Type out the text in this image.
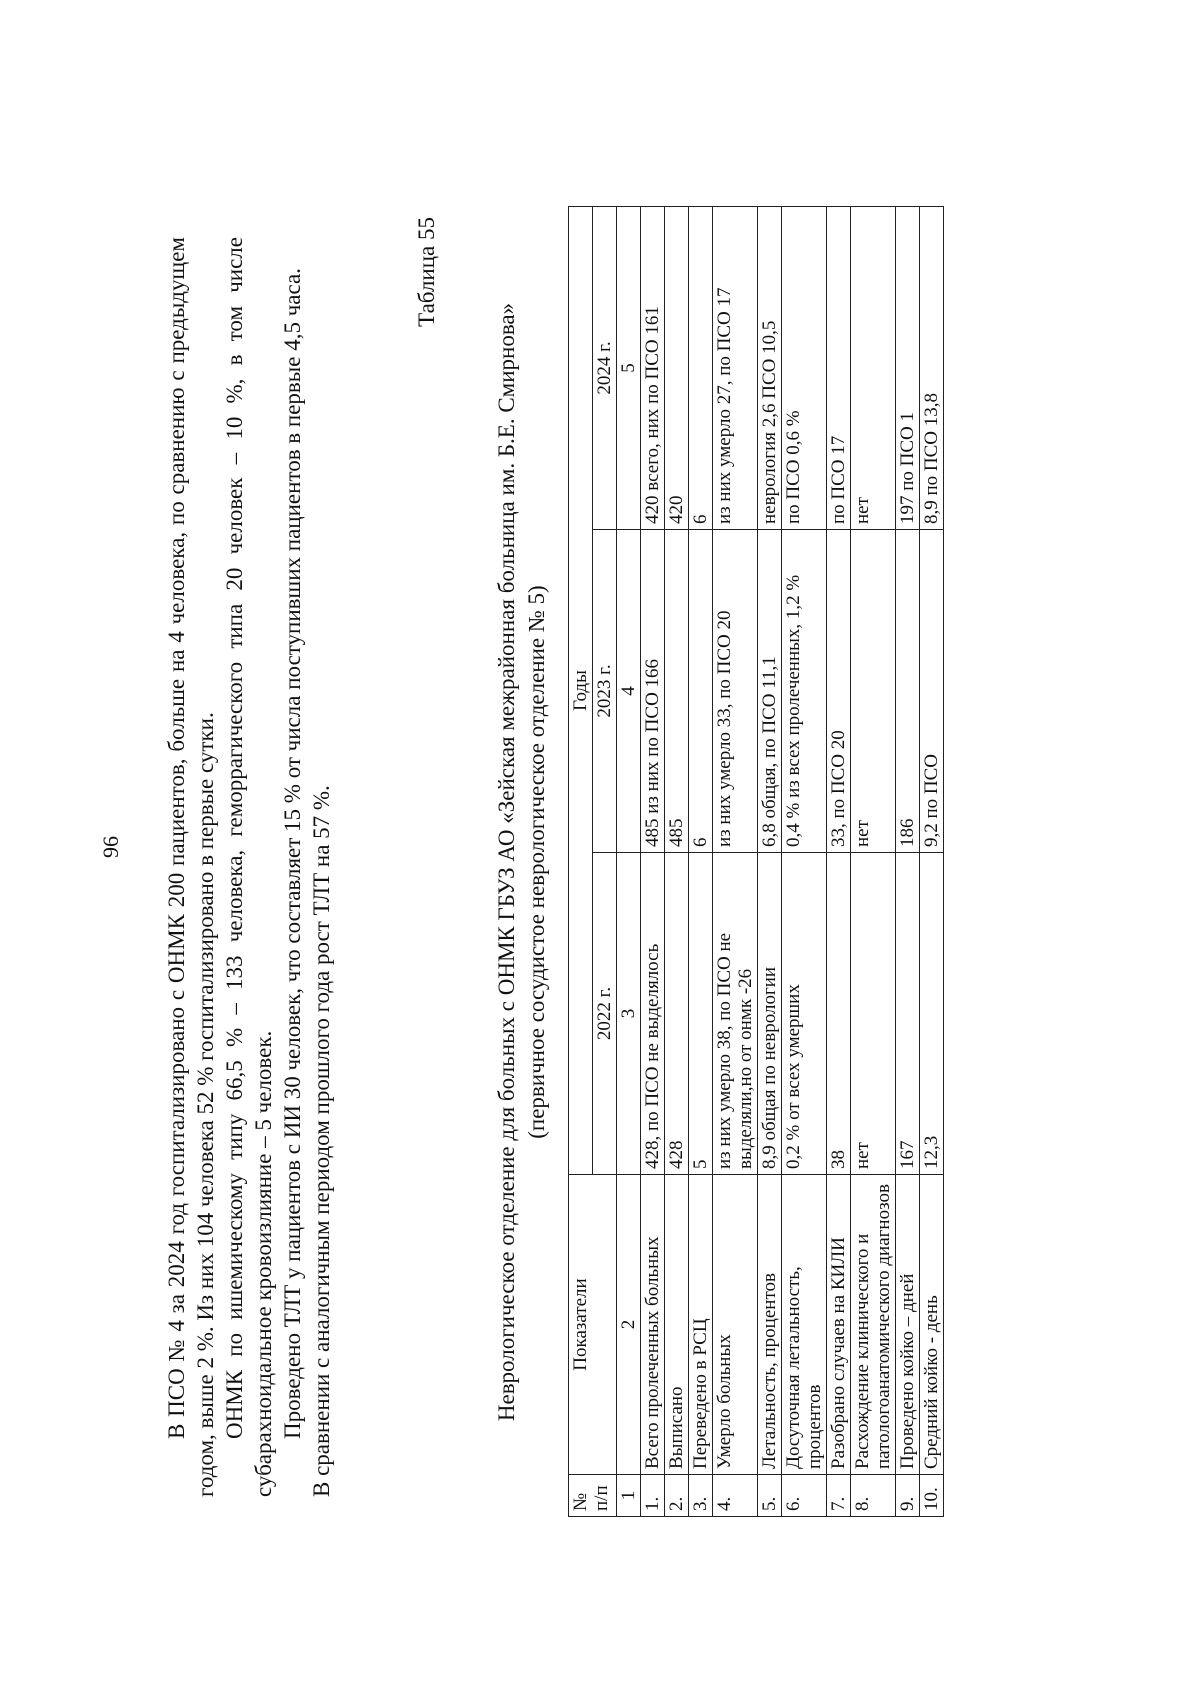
96 В ПСО № 4 за 2024 год госпитализировано с ОНМК 200 пациентов, больше на 4 человека, по сравнению с предыдущем годом, выше 2 %. Из них 104 человека 52 % госпитализировано в первые сутки. ОНМК по ишемическому типу 66,5 % – 133 человека, геморрагического типа 20 человек – 10 %, в том числе субарахноидальное кровоизлияние – 5 человек. Проведено ТЛТ у пациентов с ИИ 30 человек, что составляет 15 % от числа поступивших пациентов в первые 4,5 часа. В сравнении с аналогичным периодом прошлого года рост ТЛТ на 57 %.

Таблица 55
Неврологическое отделение для больных с ОНМК ГБУЗ АО «Зейская межрайонная больница им. Б.Е. Смирнова» (первичное сосудистое неврологическое отделение № 5)
№ п/п	Показатели	Годы		
		2022 г.	2023 г.	2024 г.
1	2	3	4	5
1.	Всего пролеченных больных	428, по ПСО не выделялось	485 из них по ПСО 166	420 всего, них по ПСО 161
2.	Выписано	428	485	420
3.	Переведено в РСЦ	5	6	6
4.	Умерло больных	из них умерло 38, по ПСО не выделяли,но от онмк -26	из них умерло 33, по ПСО 20	из них умерло 27, по ПСО 17
5.	Летальность, процентов	8,9 общая по неврологии	6,8 общая, по ПСО 11,1	неврология 2,6 ПСО 10,5
6.	Досуточная летальность, процентов	0,2 % от всех умерших	0,4 % из всех пролеченных, 1,2 %	по ПСО 0,6 %
7.	Разобрано случаев на КИЛИ	38	33, по ПСО 20	по ПСО 17
8.	Расхождение клинического и патологоанатомического диагнозов	нет	нет	нет
9.	Проведено койко – дней	167	186	197 по ПСО 1
10.	Средний койко - день	12,3	9,2 по ПСО	8,9 по ПСО 13,8
